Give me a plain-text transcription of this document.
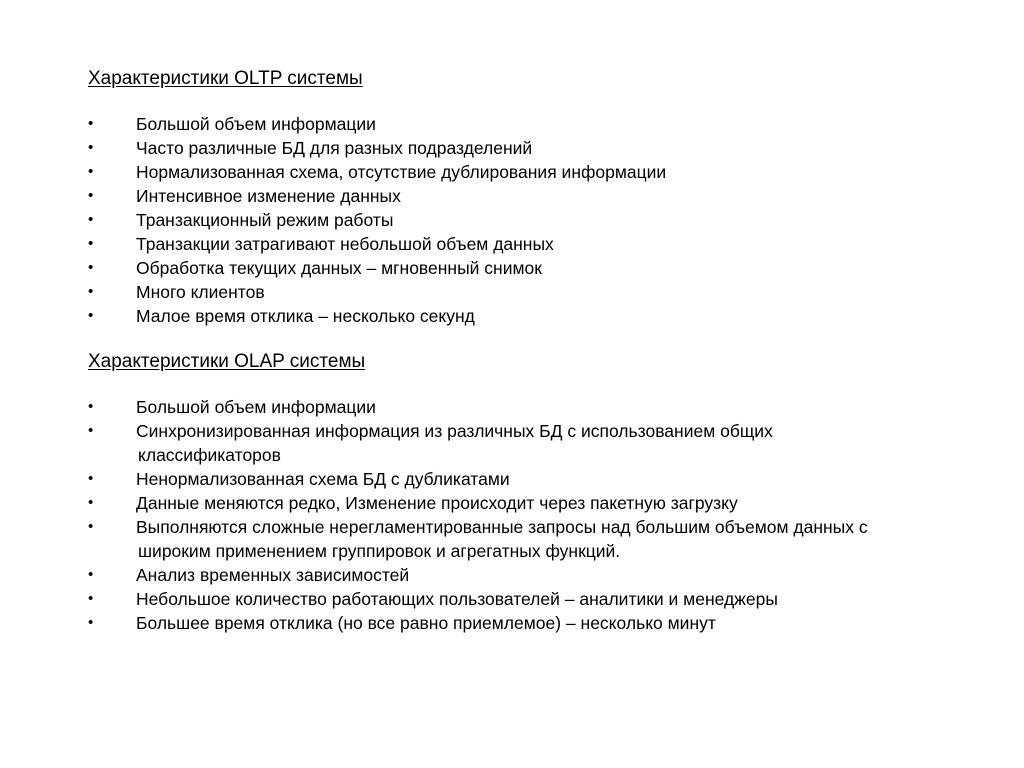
Характеристики OLTP системы
•	Большой объем информации
•	Часто различные БД для разных подразделений
•	Нормализованная схема, отсутствие дублирования информации
•	Интенсивное изменение данных
•	Транзакционный режим работы
•	Транзакции затрагивают небольшой объем данных
•	Обработка текущих данных – мгновенный снимок
•	Много клиентов
•	Малое время отклика – несколько секунд
Характеристики OLAP системы
•	Большой объем информации
•	Синхронизированная информация из различных БД с использованием общих
классификаторов
•	Ненормализованная схема БД с дубликатами
•	Данные меняются редко, Изменение происходит через пакетную загрузку
•	Выполняются сложные нерегламентированные запросы над большим объемом данных с
широким применением группировок и агрегатных функций.
•	Анализ временных зависимостей
•	Небольшое количество работающих пользователей – аналитики и менеджеры
•	Большее время отклика (но все равно приемлемое) – несколько минут
